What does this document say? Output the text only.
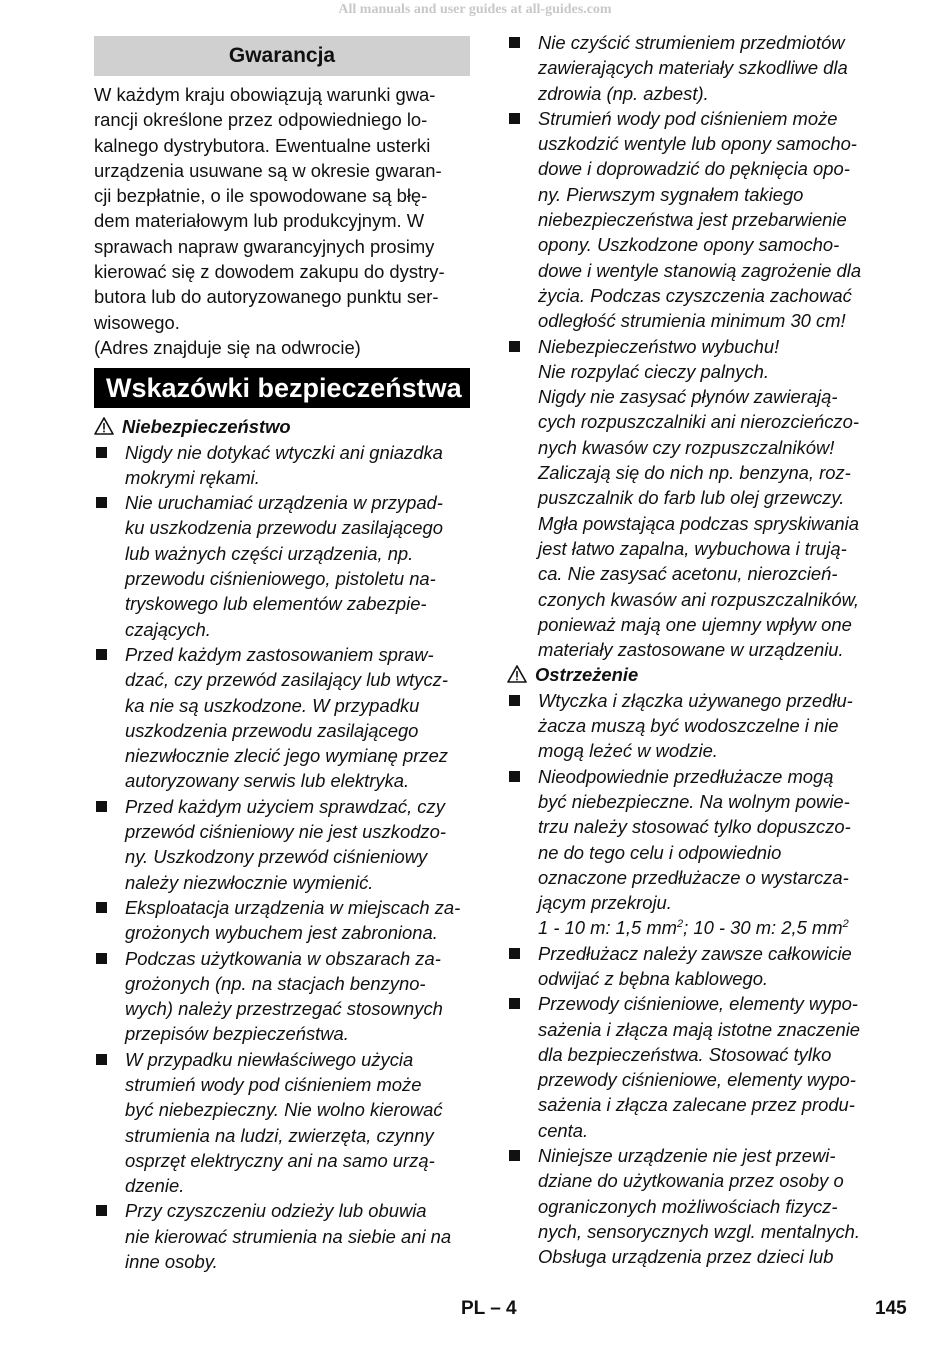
All manuals and user guides at all-guides.com
Gwarancja
W każdym kraju obowiązują warunki gwa-
rancji określone przez odpowiedniego lo-
kalnego dystrybutora. Ewentualne usterki
urządzenia usuwane są w okresie gwaran-
cji bezpłatnie, o ile spowodowane są błę-
dem materiałowym lub produkcyjnym. W
sprawach napraw gwarancyjnych prosimy
kierować się z dowodem zakupu do dystry-
butora lub do autoryzowanego punktu ser-
wisowego.
(Adres znajduje się na odwrocie)
Wskazówki bezpieczeństwa
Niebezpieczeństwo
Nigdy nie dotykać wtyczki ani gniazdka
mokrymi rękami.
Nie uruchamiać urządzenia w przypad-
ku uszkodzenia przewodu zasilającego
lub ważnych części urządzenia, np.
przewodu ciśnieniowego, pistoletu na-
tryskowego lub elementów zabezpie-
czających.
Przed każdym zastosowaniem spraw-
dzać, czy przewód zasilający lub wtycz-
ka nie są uszkodzone. W przypadku
uszkodzenia przewodu zasilającego
niezwłocznie zlecić jego wymianę przez
autoryzowany serwis lub elektryka.
Przed każdym użyciem sprawdzać, czy
przewód ciśnieniowy nie jest uszkodzo-
ny. Uszkodzony przewód ciśnieniowy
należy niezwłocznie wymienić.
Eksploatacja urządzenia w miejscach za-
grożonych wybuchem jest zabroniona.
Podczas użytkowania w obszarach za-
grożonych (np. na stacjach benzyno-
wych) należy przestrzegać stosownych
przepisów bezpieczeństwa.
W przypadku niewłaściwego użycia
strumień wody pod ciśnieniem może
być niebezpieczny. Nie wolno kierować
strumienia na ludzi, zwierzęta, czynny
osprzęt elektryczny ani na samo urzą-
dzenie.
Przy czyszczeniu odzieży lub obuwia
nie kierować strumienia na siebie ani na
inne osoby.
Nie czyścić strumieniem przedmiotów
zawierających materiały szkodliwe dla
zdrowia (np. azbest).
Strumień wody pod ciśnieniem może
uszkodzić wentyle lub opony samocho-
dowe i doprowadzić do pęknięcia opo-
ny. Pierwszym sygnałem takiego
niebezpieczeństwa jest przebarwienie
opony. Uszkodzone opony samocho-
dowe i wentyle stanowią zagrożenie dla
życia. Podczas czyszczenia zachować
odległość strumienia minimum 30 cm!
Niebezpieczeństwo wybuchu!
Nie rozpylać cieczy palnych.
Nigdy nie zasysać płynów zawierają-
cych rozpuszczalniki ani nierozcieńczo-
nych kwasów czy rozpuszczalników!
Zaliczają się do nich np. benzyna, roz-
puszczalnik do farb lub olej grzewczy.
Mgła powstająca podczas spryskiwania
jest łatwo zapalna, wybuchowa i trują-
ca. Nie zasysać acetonu, nierozcień-
czonych kwasów ani rozpuszczalników,
ponieważ mają one ujemny wpływ one
materiały zastosowane w urządzeniu.
Ostrzeżenie
Wtyczka i złączka używanego przedłu-
żacza muszą być wodoszczelne i nie
mogą leżeć w wodzie.
Nieodpowiednie przedłużacze mogą
być niebezpieczne. Na wolnym powie-
trzu należy stosować tylko dopuszczo-
ne do tego celu i odpowiednio
oznaczone przedłużacze o wystarcza-
jącym przekroju.
1 - 10 m: 1,5 $mm^2$; 10 - 30 m: 2,5 $mm^2$
Przedłużacz należy zawsze całkowicie
odwijać z bębna kablowego.
Przewody ciśnieniowe, elementy wypo-
sażenia i złącza mają istotne znaczenie
dla bezpieczeństwa. Stosować tylko
przewody ciśnieniowe, elementy wypo-
sażenia i złącza zalecane przez produ-
centa.
Niniejsze urządzenie nie jest przewi-
dziane do użytkowania przez osoby o
ograniczonych możliwościach fizycz-
nych, sensorycznych wzgl. mentalnych.
Obsługa urządzenia przez dzieci lub
PL – 4	145
